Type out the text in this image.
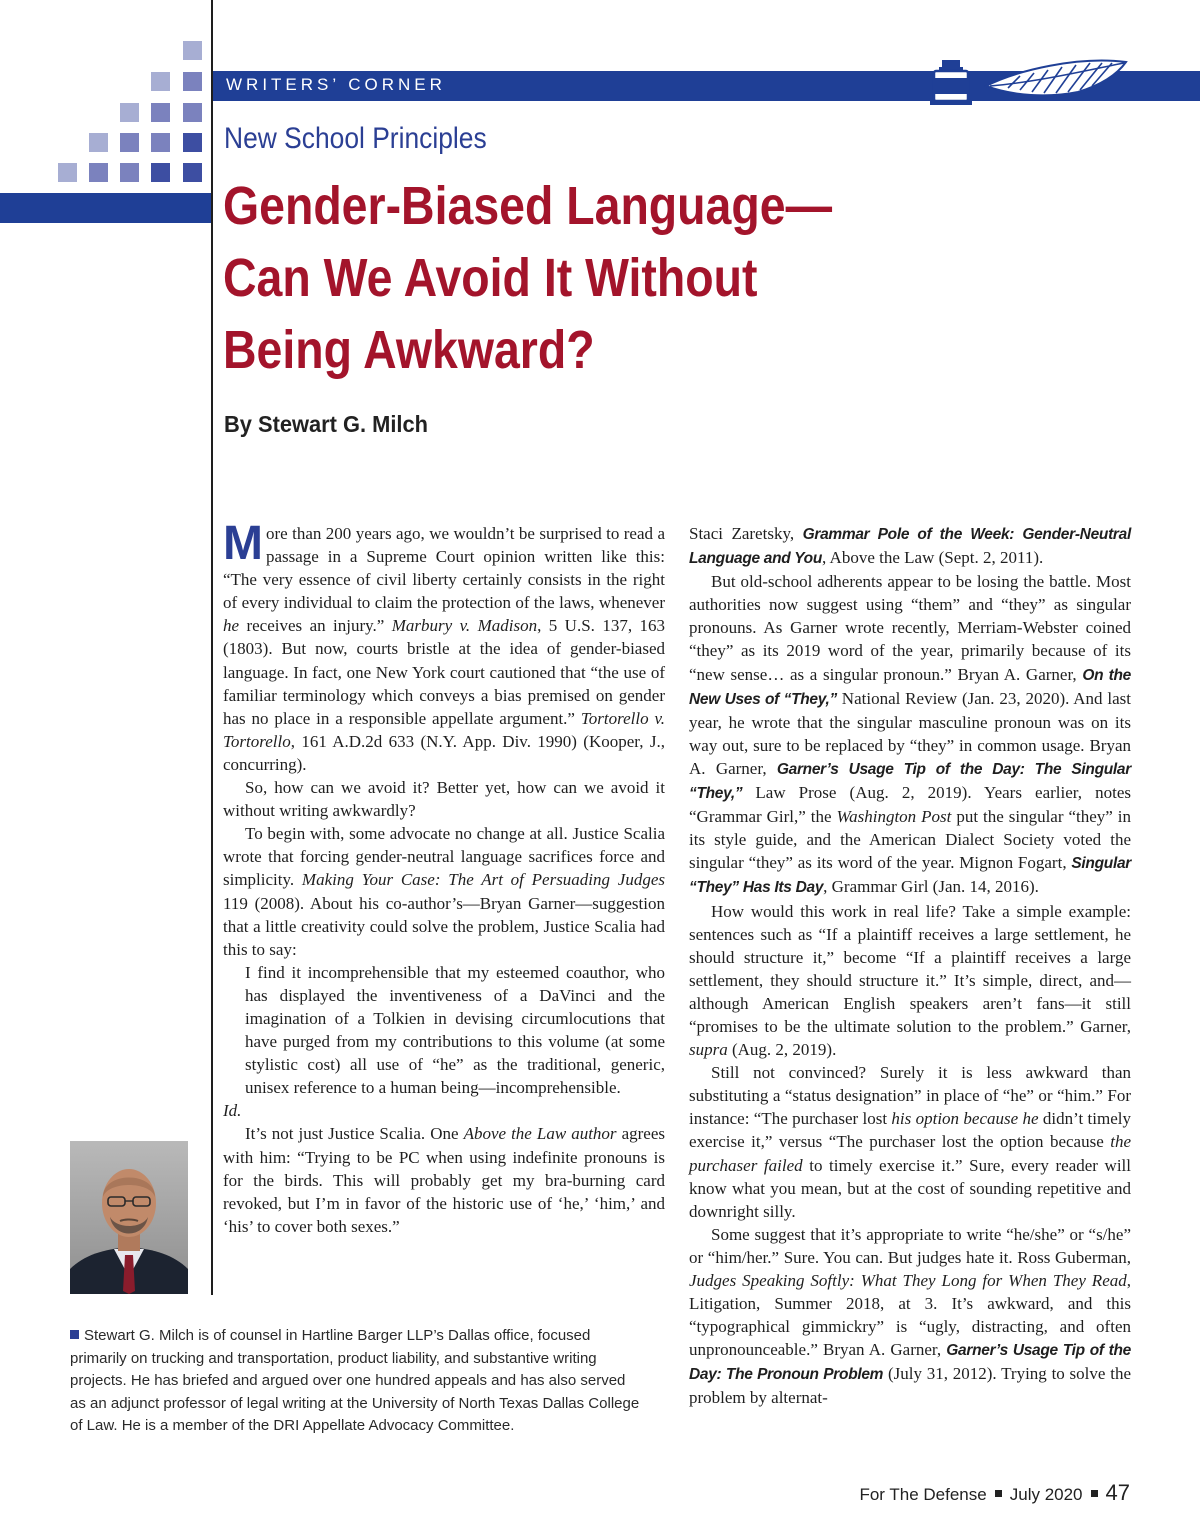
WRITERS’ CORNER
New School Principles
Gender-Biased Language—
Can We Avoid It Without
Being Awkward?
By Stewart G. Milch

More than 200 years ago, we wouldn’t be surprised to read a passage in a Supreme Court opinion written like this: “The very essence of civil liberty certainly consists in the right of every individual to claim the protection of the laws, whenever he receives an injury.” Marbury v. Madison, 5 U.S. 137, 163 (1803). But now, courts bristle at the idea of gender-biased language. In fact, one New York court cautioned that “the use of familiar terminology which conveys a bias premised on gender has no place in a responsible appellate argument.” Tortorello v. Tortorello, 161 A.D.2d 633 (N.Y. App. Div. 1990) (Kooper, J., concurring).

So, how can we avoid it? Better yet, how can we avoid it without writing awkwardly?

To begin with, some advocate no change at all. Justice Scalia wrote that forcing gender-neutral language sacrifices force and simplicity. Making Your Case: The Art of Persuading Judges 119 (2008). About his co-author’s—Bryan Garner—suggestion that a little creativity could solve the problem, Justice Scalia had this to say:

I find it incomprehensible that my esteemed coauthor, who has displayed the inventiveness of a DaVinci and the imagination of a Tolkien in devising circumlocutions that have purged from my contributions to this volume (at some stylistic cost) all use of “he” as the traditional, generic, unisex reference to a human being—incomprehensible.

Id.

It’s not just Justice Scalia. One Above the Law author agrees with him: “Trying to be PC when using indefinite pronouns is for the birds. This will probably get my bra-burning card revoked, but I’m in favor of the historic use of ‘he,’ ‘him,’ and ‘his’ to cover both sexes.”

Staci Zaretsky, Grammar Pole of the Week: Gender-Neutral Language and You, Above the Law (Sept. 2, 2011).

But old-school adherents appear to be losing the battle. Most authorities now suggest using “them” and “they” as singular pronouns. As Garner wrote recently, Merriam-Webster coined “they” as its 2019 word of the year, primarily because of its “new sense… as a singular pronoun.” Bryan A. Garner, On the New Uses of “They,” National Review (Jan. 23, 2020). And last year, he wrote that the singular masculine pronoun was on its way out, sure to be replaced by “they” in common usage. Bryan A. Garner, Garner’s Usage Tip of the Day: The Singular “They,” Law Prose (Aug. 2, 2019). Years earlier, notes “Grammar Girl,” the Washington Post put the singular “they” in its style guide, and the American Dialect Society voted the singular “they” as its word of the year. Mignon Fogart, Singular “They” Has Its Day, Grammar Girl (Jan. 14, 2016).

How would this work in real life? Take a simple example: sentences such as “If a plaintiff receives a large settlement, he should structure it,” become “If a plaintiff receives a large settlement, they should structure it.” It’s simple, direct, and—although American English speakers aren’t fans—it still “promises to be the ultimate solution to the problem.” Garner, supra (Aug. 2, 2019).

Still not convinced? Surely it is less awkward than substituting a “status designation” in place of “he” or “him.” For instance: “The purchaser lost his option because he didn’t timely exercise it,” versus “The purchaser lost the option because the purchaser failed to timely exercise it.” Sure, every reader will know what you mean, but at the cost of sounding repetitive and downright silly.

Some suggest that it’s appropriate to write “he/she” or “s/he” or “him/her.” Sure. You can. But judges hate it. Ross Guberman, Judges Speaking Softly: What They Long for When They Read, Litigation, Summer 2018, at 3. It’s awkward, and this “typographical gimmickry” is “ugly, distracting, and often unpronounceable.” Bryan A. Garner, Garner’s Usage Tip of the Day: The Pronoun Problem (July 31, 2012). Trying to solve the problem by alternat-

Stewart G. Milch is of counsel in Hartline Barger LLP’s Dallas office, focused primarily on trucking and transportation, product liability, and substantive writing projects. He has briefed and argued over one hundred appeals and has also served as an adjunct professor of legal writing at the University of North Texas Dallas College of Law. He is a member of the DRI Appellate Advocacy Committee.
For The Defense July 2020 47
